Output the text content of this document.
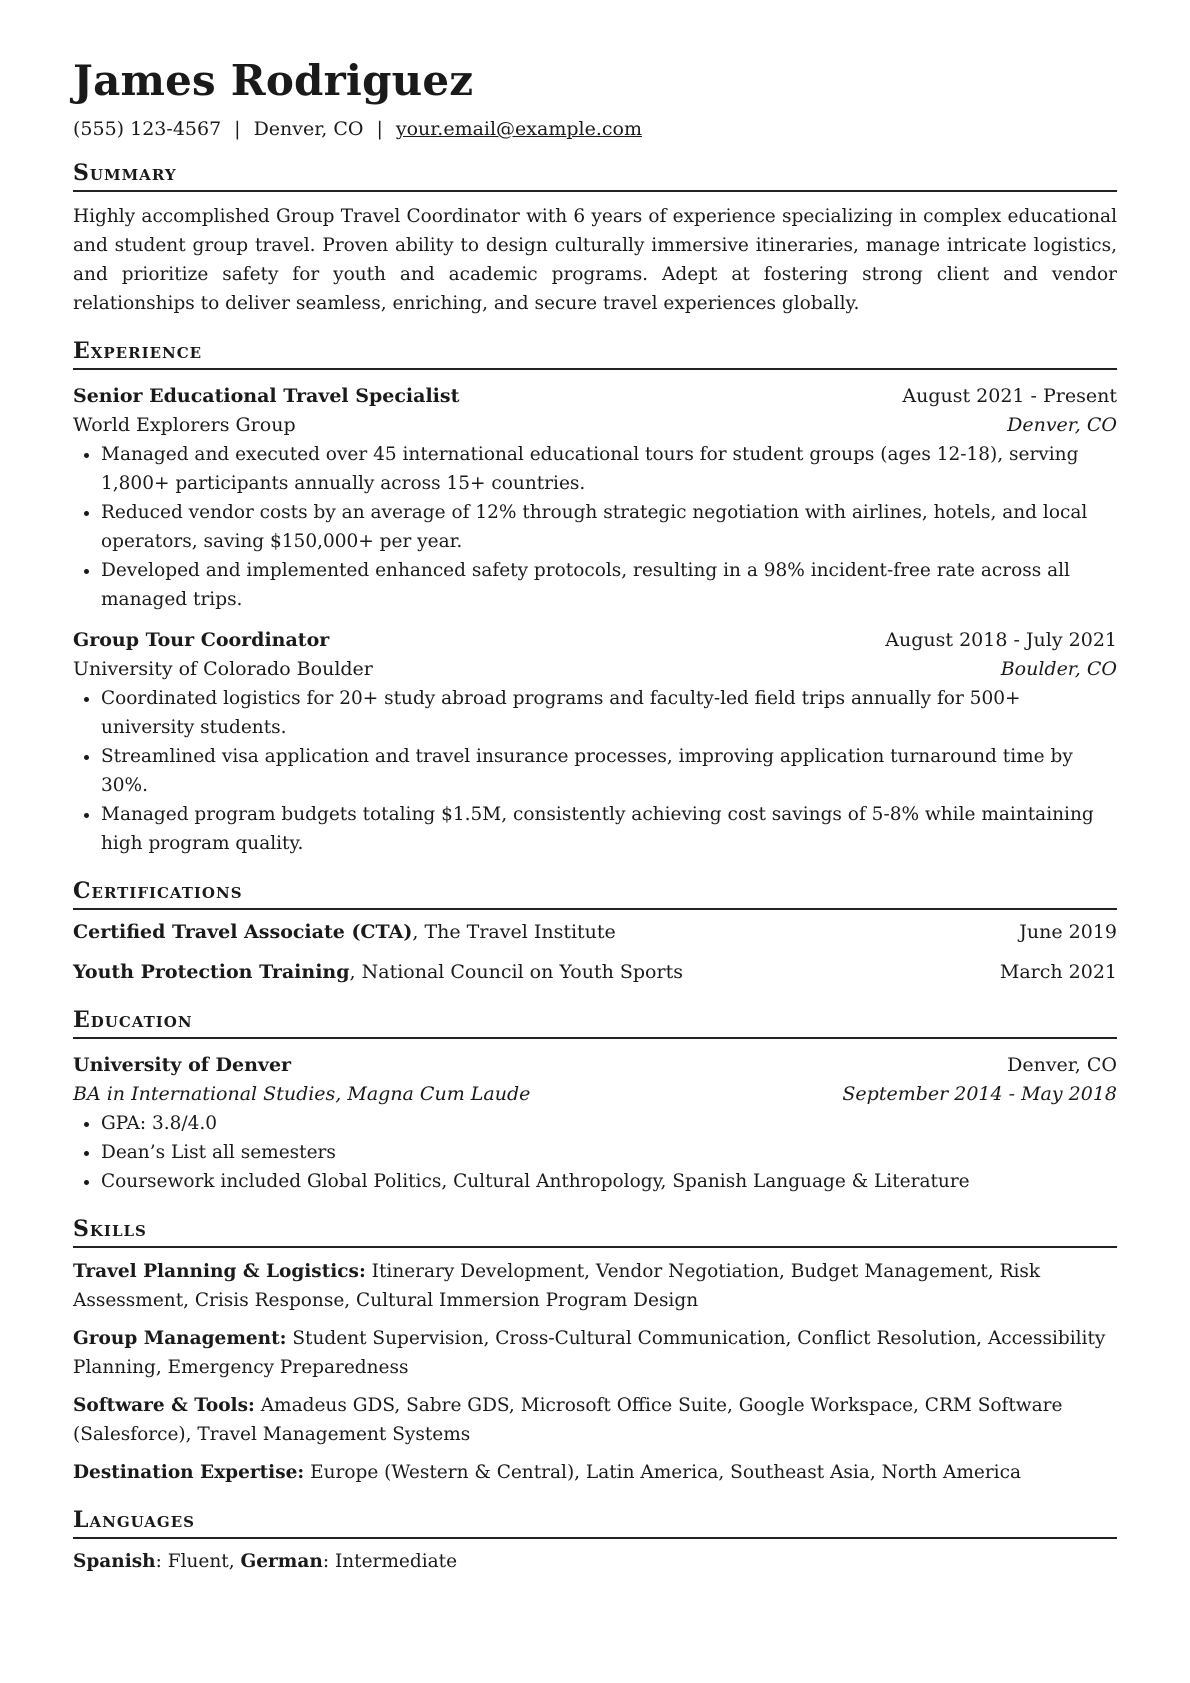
James Rodriguez
(555) 123-4567 | Denver, CO | your.email@example.com
Summary
Highly accomplished Group Travel Coordinator with 6 years of experience specializing in complex educational and student group travel. Proven ability to design culturally immersive itineraries, manage intricate logistics, and prioritize safety for youth and academic programs. Adept at fostering strong client and vendor relationships to deliver seamless, enriching, and secure travel experiences globally.
Experience
Senior Educational Travel Specialist	August 2021 - Present
World Explorers Group	Denver, CO
• Managed and executed over 45 international educational tours for student groups (ages 12-18), serving 1,800+ participants annually across 15+ countries.
• Reduced vendor costs by an average of 12% through strategic negotiation with airlines, hotels, and local operators, saving $150,000+ per year.
• Developed and implemented enhanced safety protocols, resulting in a 98% incident-free rate across all managed trips.
Group Tour Coordinator	August 2018 - July 2021
University of Colorado Boulder	Boulder, CO
• Coordinated logistics for 20+ study abroad programs and faculty-led field trips annually for 500+ university students.
• Streamlined visa application and travel insurance processes, improving application turnaround time by 30%.
• Managed program budgets totaling $1.5M, consistently achieving cost savings of 5-8% while maintaining high program quality.
Certifications
Certified Travel Associate (CTA), The Travel Institute	June 2019
Youth Protection Training, National Council on Youth Sports	March 2021
Education
University of Denver	Denver, CO
BA in International Studies, Magna Cum Laude	September 2014 - May 2018
• GPA: 3.8/4.0
• Dean’s List all semesters
• Coursework included Global Politics, Cultural Anthropology, Spanish Language & Literature
Skills
Travel Planning & Logistics: Itinerary Development, Vendor Negotiation, Budget Management, Risk Assessment, Crisis Response, Cultural Immersion Program Design
Group Management: Student Supervision, Cross-Cultural Communication, Conflict Resolution, Accessibility Planning, Emergency Preparedness
Software & Tools: Amadeus GDS, Sabre GDS, Microsoft Office Suite, Google Workspace, CRM Software (Salesforce), Travel Management Systems
Destination Expertise: Europe (Western & Central), Latin America, Southeast Asia, North America
Languages
Spanish: Fluent, German: Intermediate
